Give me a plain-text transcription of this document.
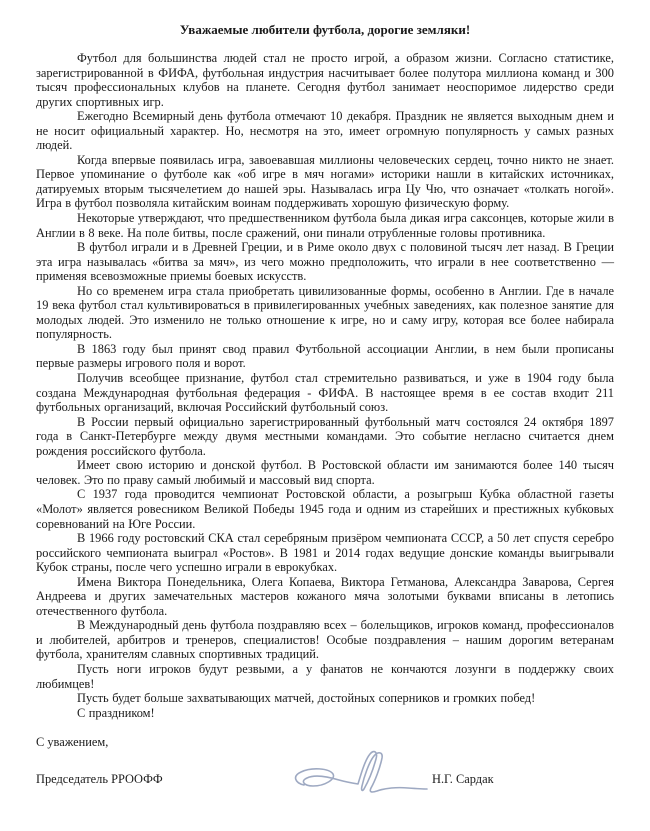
Уважаемые любители футбола, дорогие земляки!

Футбол для большинства людей стал не просто игрой, а образом жизни. Согласно статистике, зарегистрированной в ФИФА, футбольная индустрия насчитывает более полутора миллиона команд и 300 тысяч профессиональных клубов на планете. Сегодня футбол занимает неоспоримое лидерство среди других спортивных игр.

Ежегодно Всемирный день футбола отмечают 10 декабря. Праздник не является выходным днем и не носит официальный характер. Но, несмотря на это, имеет огромную популярность у самых разных людей.

Когда впервые появилась игра, завоевавшая миллионы человеческих сердец, точно никто не знает. Первое упоминание о футболе как «об игре в мяч ногами» историки нашли в китайских источниках, датируемых вторым тысячелетием до нашей эры. Называлась игра Цу Чю, что означает «толкать ногой». Игра в футбол позволяла китайским воинам поддерживать хорошую физическую форму.

Некоторые утверждают, что предшественником футбола была дикая игра саксонцев, которые жили в Англии в 8 веке. На поле битвы, после сражений, они пинали отрубленные головы противника.

В футбол играли и в Древней Греции, и в Риме около двух с половиной тысяч лет назад. В Греции эта игра называлась «битва за мяч», из чего можно предположить, что играли в нее соответственно — применяя всевозможные приемы боевых искусств.

Но со временем игра стала приобретать цивилизованные формы, особенно в Англии. Где в начале 19 века футбол стал культивироваться в привилегированных учебных заведениях, как полезное занятие для молодых людей. Это изменило не только отношение к игре, но и саму игру, которая все более набирала популярность.

В 1863 году был принят свод правил Футбольной ассоциации Англии, в нем были прописаны первые размеры игрового поля и ворот.

Получив всеобщее признание, футбол стал стремительно развиваться, и уже в 1904 году была создана Международная футбольная федерация - ФИФА. В настоящее время в ее состав входит 211 футбольных организаций, включая Российский футбольный союз.

В России первый официально зарегистрированный футбольный матч состоялся 24 октября 1897 года в Санкт-Петербурге между двумя местными командами. Это событие негласно считается днем рождения российского футбола.

Имеет свою историю и донской футбол. В Ростовской области им занимаются более 140 тысяч человек. Это по праву самый любимый и массовый вид спорта.

С 1937 года проводится чемпионат Ростовской области, а розыгрыш Кубка областной газеты «Молот» является ровесником Великой Победы 1945 года и одним из старейших и престижных кубковых соревнований на Юге России.

В 1966 году ростовский СКА стал серебряным призёром чемпионата СССР, а 50 лет спустя серебро российского чемпионата выиграл «Ростов». В 1981 и 2014 годах ведущие донские команды выигрывали Кубок страны, после чего успешно играли в еврокубках.

Имена Виктора Понедельника, Олега Копаева, Виктора Гетманова, Александра Заварова, Сергея Андреева и других замечательных мастеров кожаного мяча золотыми буквами вписаны в летопись отечественного футбола.

В Международный день футбола поздравляю всех – болельщиков, игроков команд, профессионалов и любителей, арбитров и тренеров, специалистов! Особые поздравления – нашим дорогим ветеранам футбола, хранителям славных спортивных традиций.

Пусть ноги игроков будут резвыми, а у фанатов не кончаются лозунги в поддержку своих любимцев!

Пусть будет больше захватывающих матчей, достойных соперников и громких побед!

С праздником!

С уважением,
Председатель РРООФФ	Н.Г. Сардак
